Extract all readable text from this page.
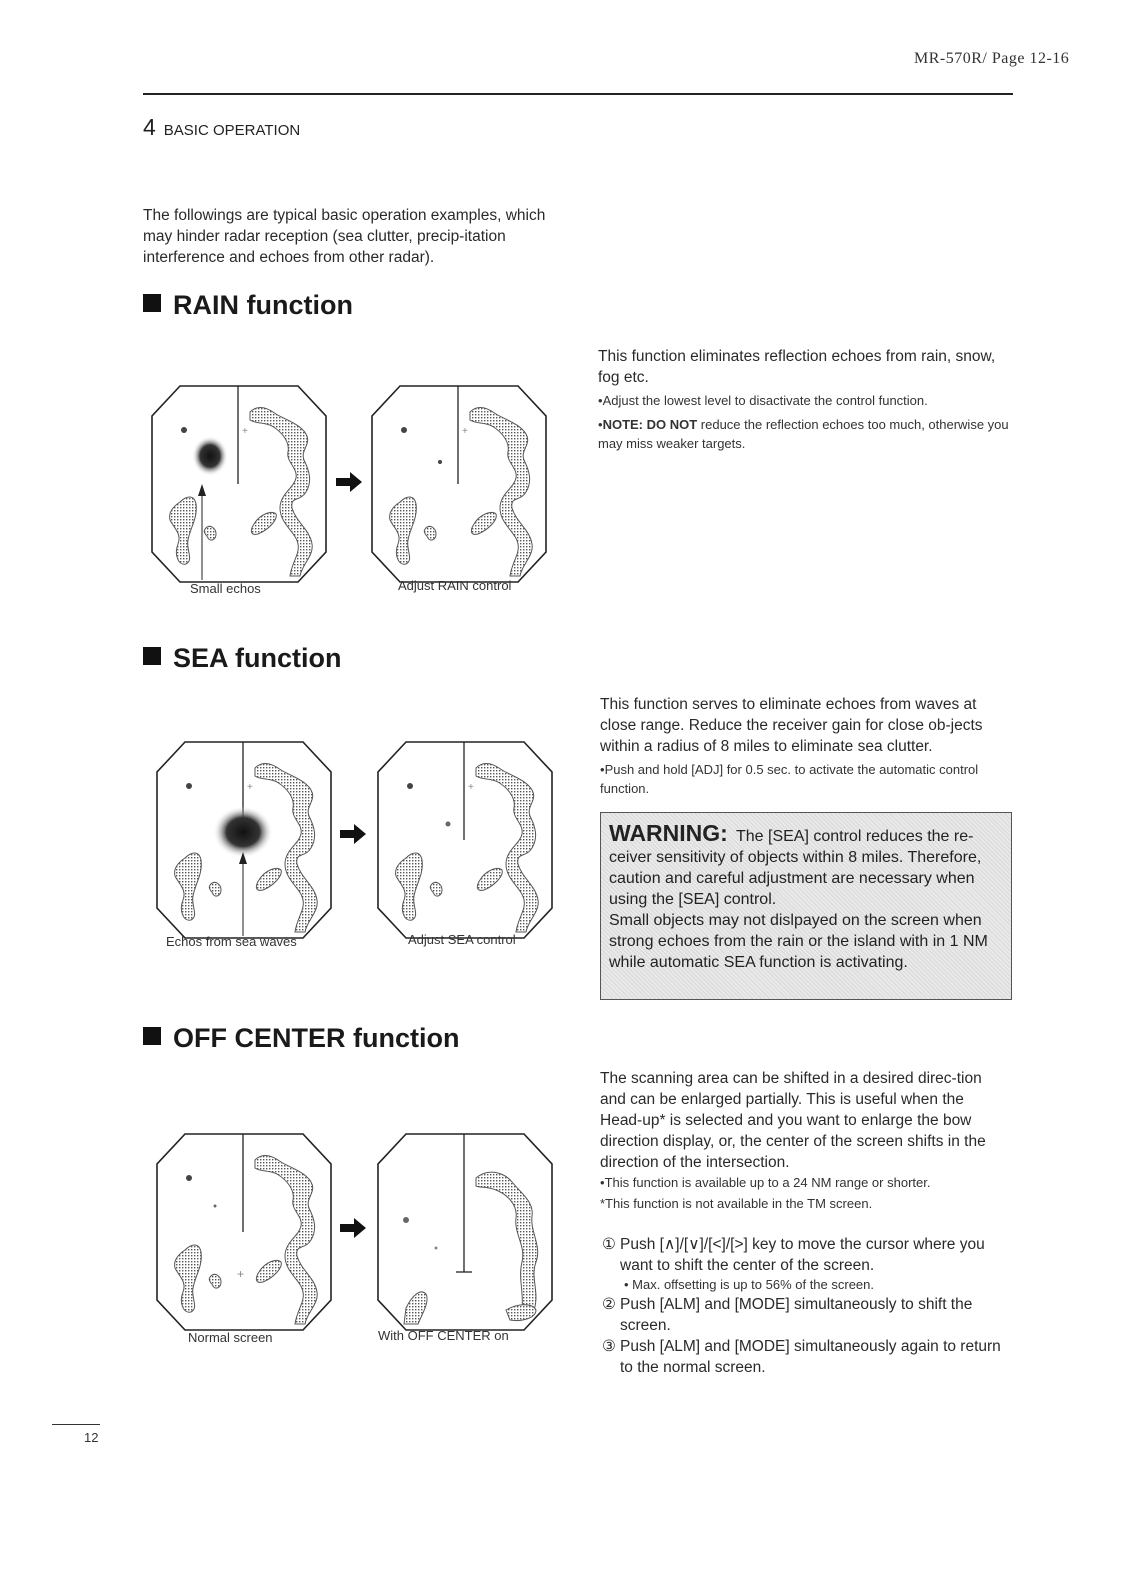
MR-570R/ Page 12-16
4 BASIC OPERATION
The followings are typical basic operation examples, which may hinder radar reception (sea clutter, precip-itation interference and echoes from other radar).
RAIN function
+	+
Small echos	Adjust RAIN control
This function eliminates reflection echoes from rain, snow, fog etc.
•Adjust the lowest level to disactivate the control function.
•NOTE: DO NOT reduce the reflection echoes too much, otherwise you may miss weaker targets.
SEA function
+	+
Echos from sea waves	Adjust SEA control
This function serves to eliminate echoes from waves at close range. Reduce the receiver gain for close ob-jects within a radius of 8 miles to eliminate sea clutter.
•Push and hold [ADJ] for 0.5 sec. to activate the automatic control function.
WARNING: The [SEA] control reduces the re-ceiver sensitivity of objects within 8 miles. Therefore, caution and careful adjustment are necessary when using the [SEA] control.
Small objects may not dislpayed on the screen when strong echoes from the rain or the island with in 1 NM while automatic SEA function is activating.
OFF CENTER function
+
Normal screen	With OFF CENTER on
The scanning area can be shifted in a desired direc-tion and can be enlarged partially. This is useful when the Head-up* is selected and you want to enlarge the bow direction display, or, the center of the screen shifts in the direction of the intersection.
•This function is available up to a 24 NM range or shorter.
*This function is not available in the TM screen.
① Push [∧]/[∨]/[<]/[>] key to move the cursor where you want to shift the center of the screen.
• Max. offsetting is up to 56% of the screen.
② Push [ALM] and [MODE] simultaneously to shift the screen.
③ Push [ALM] and [MODE] simultaneously again to return to the normal screen.
12
